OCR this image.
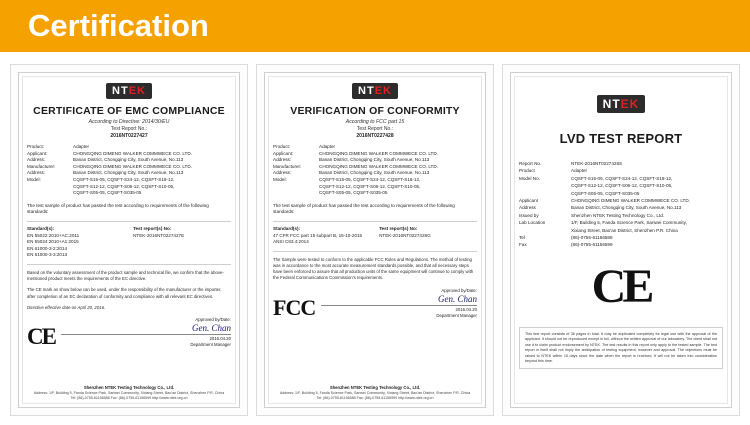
Certification
NTEK
CERTIFICATE OF EMC COMPLIANCE
According to Directive: 2014/30/EU
Test Report No.:
2016NT0227427
Product:	Adapter
Applicant:	CHONGQING DIMENG WALKER COMMWECE CO. LTD.
Address:	Banan District, Chongqing City, South Avenue, No.113
Manufacturer:	CHONGQING DIMENG WALKER COMMWECE CO. LTD.
Address:	Banan District, Chongqing City, South Avenue, No.113
Model:	CQSFT-S15-05, CQSFT-S24-12, CQSFT-S18-12,
CQSFT-S12-12, CQSFT-S06-12, CQSFT-S10-05,
CQSFT-S05-05, CQSFT-S035-05
The test sample of product has passed the test according to requirements of the following standards:
Standard(s):	Test report(s) No:
EN 55022:2010+AC:2011	NTEK-2016NT0227427E
EN 55024:2010+A1:2015
EN 61000-3-2:2014
EN 61000-3-3:2013
Based on the voluntary assessment of the product sample and technical file, we confirm that the above-mentioned product meets the requirements of the EC directive.
The CE mark as show below can be used, under the responsibility of the manufacturer or the importer, after completion of an EC declaration of conformity and compliance with all relevant EC directives.
Directive effective date on April 20, 2016.
CE
Approved by/Date:
Gen. Chan
2016.04.20
Department Manager
Shenzhen NTEK Testing Technology Co., Ltd.
Address: 1/F, Building 5, Fanda Science Park, Sanwei Community, Xixiang Street, Bao'an District, Shenzhen P.R. China
Tel: (86)-0755-61156588 Fax: (86)-0755-61156599 http://www.ntek.org.cn
NTEK
VERIFICATION OF CONFORMITY
According to FCC part 15
Test Report No.:
2016NT0227428
Product:	Adapter
Applicant:	CHONGQING DIMENG WALKER COMMWECE CO. LTD.
Address:	Banan District, Chongqing City, South Avenue, No.113
Manufacturer:	CHONGQING DIMENG WALKER COMMWECE CO. LTD.
Address:	Banan District, Chongqing City, South Avenue, No.113
Model:	CQSFT-S15-05, CQSFT-S24-12, CQSFT-S18-12,
CQSFT-S12-12, CQSFT-S06-12, CQSFT-S10-05,
CQSFT-S05-05, CQSFT-S035-05
The test sample of product has passed the test according to requirements of the following standards:
Standard(s):	Test report(s) No:
47 CFR FCC part 15 subpart B, 15-10-2015	NTEK-2016NT0227428G
ANSI C63.4:2014
The Sample were tested to conform to the applicable FCC Rules and Regulations. The method of testing was in accordance to the most accurate measurement standards possible, and that all necessary steps have been enforced to assure that all production units of the same equipment will continue to comply with the Federal Communications Commission's requirements.
FCC
Approved by/Date:
Gen. Chan
2016.04.20
Department Manager
Shenzhen NTEK Testing Technology Co., Ltd.
Address: 1/F, Building 5, Fanda Science Park, Sanwei Community, Xixiang Street, Bao'an District, Shenzhen P.R. China
Tel: (86)-0755-61156588 Fax: (86)-0755-61156599 http://www.ntek.org.cn
NTEK
LVD TEST REPORT
Report No.	NTEK-2016NT0227428S
Product	Adapter
Model No.	CQSFT-S15-05, CQSFT-S24-12, CQSFT-S18-12,
CQSFT-S12-12, CQSFT-S06-12, CQSFT-S10-05,
CQSFT-S05-05, CQSFT-S035-05
Applicant	CHONGQING DIMENG WALKER COMMWECE CO. LTD.
Address	Banan District, Chongqing City, South Avenue, No.113
Issued by	Shenzhen NTEK Testing Technology Co., Ltd.
Lab Location	1/F, Building 5, Fanda Science Park, Sanwei Community,
Xixiang Street, Bao'an District, Shenzhen P.R. China
Tel	(86)-0755-61156588
Fax	(86)-0755-61156599
CE
This test report consists of 36 pages in total. It may be duplicated completely for legal use with the approval of the applicant. It should not be reproduced except in full, without the written approval of our laboratory. The client shall not use it to claim product endorsement by NTEK. The test results in this report only apply to the tested sample. The test report in itself shall not imply the anticipation of testing equipment, however and approval. The objections must be raised to NTEK within 15 days since the date when the report is received. It will not be taken into consideration beyond this time.
